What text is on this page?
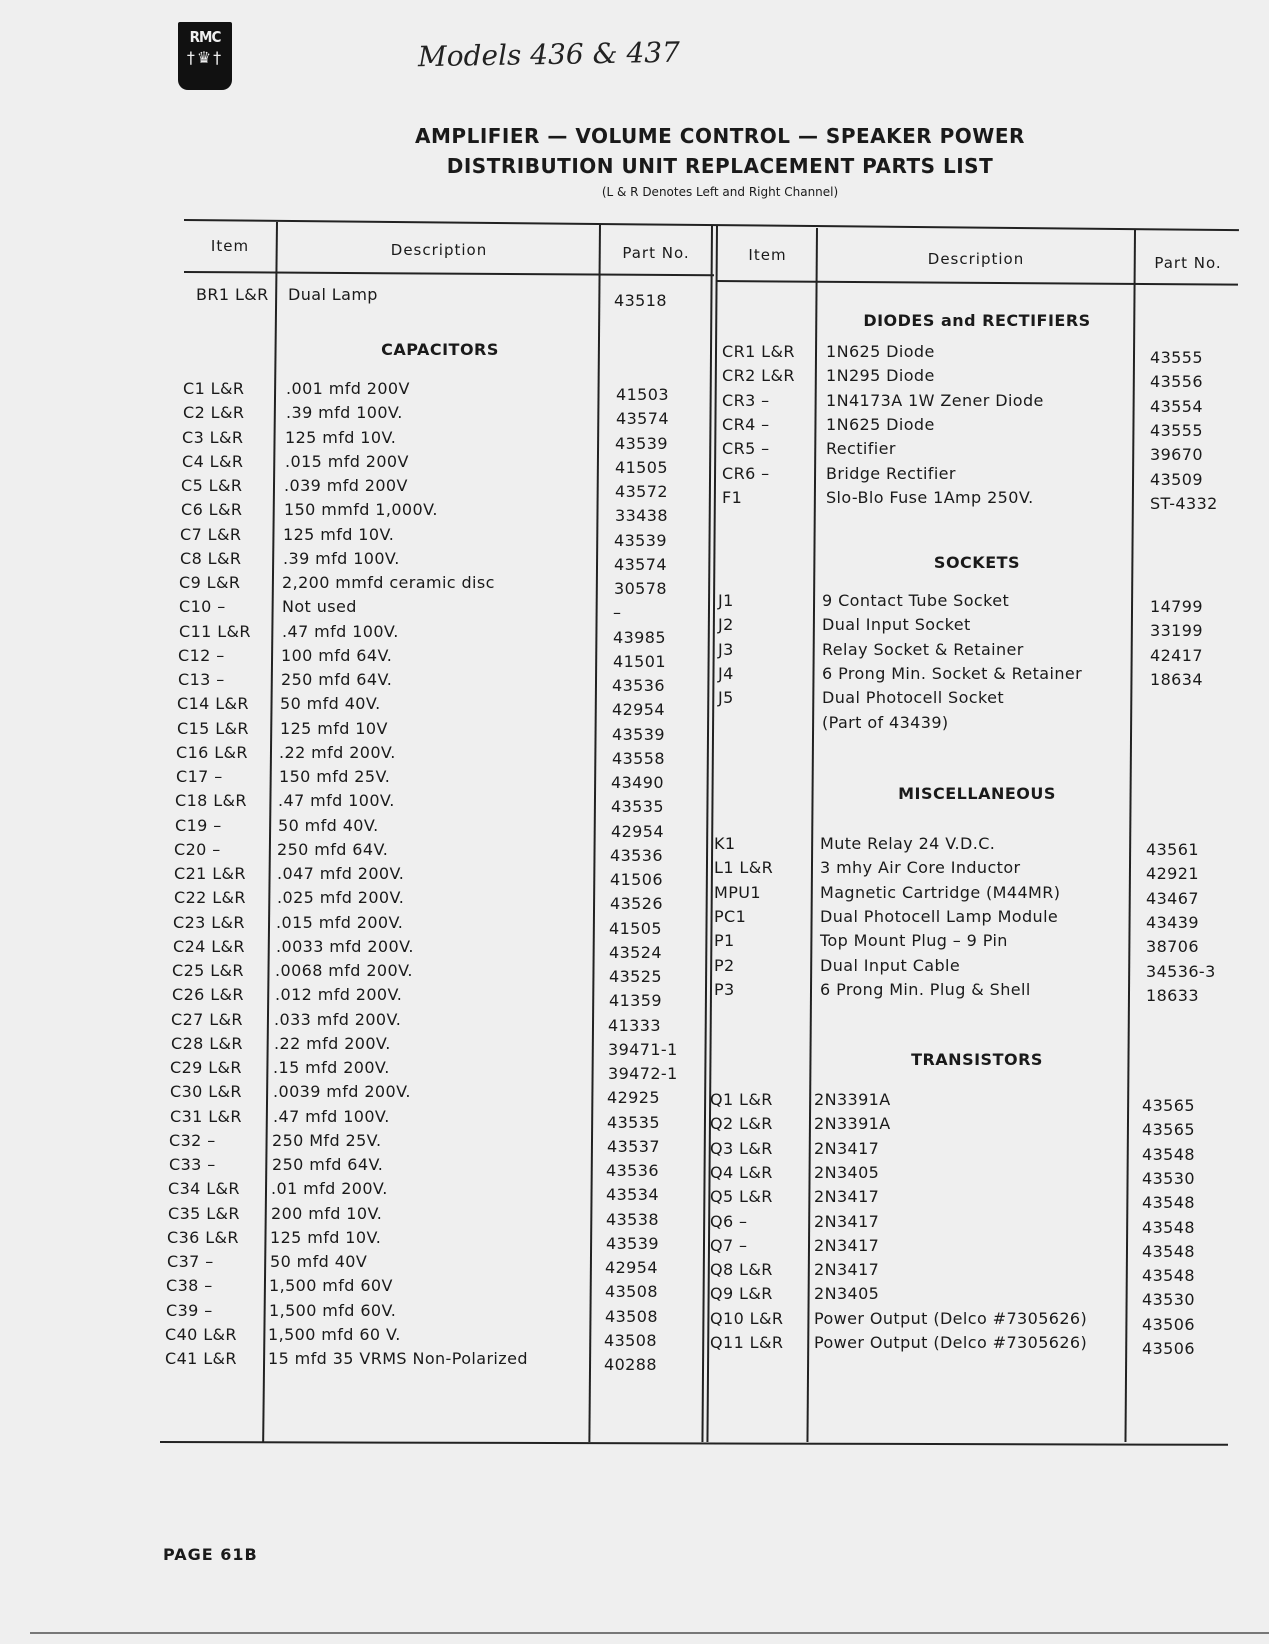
RMC
†♛†	Models 436 & 437
AMPLIFIER — VOLUME CONTROL — SPEAKER POWER
DISTRIBUTION UNIT REPLACEMENT PARTS LIST
(L & R Denotes Left and Right Channel)
Item	Description	Part No.	Item	Description	Part No.
BR1 L&R Dual Lamp	43518
C1 L&R	.001 mfd 200V	41503
C2 L&R	.39 mfd 100V.	43574
C3 L&R	125 mfd 10V.	43539
C4 L&R	.015 mfd 200V	41505
C5 L&R	.039 mfd 200V	43572
C6 L&R	150 mmfd 1,000V.	33438
C7 L&R	125 mfd 10V.	43539
C8 L&R	.39 mfd 100V.	43574
C9 L&R	2,200 mmfd ceramic disc	30578
C10 –	Not used	–
C11 L&R .47 mfd 100V.	43985
C12 –	100 mfd 64V.	41501
C13 –	250 mfd 64V.	43536
C14 L&R 50 mfd 40V.	42954
C15 L&R 125 mfd 10V	43539
C16 L&R .22 mfd 200V.	43558
C17 –	150 mfd 25V.	43490
C18 L&R .47 mfd 100V.	43535
C19 –	50 mfd 40V.	42954
C20 –	250 mfd 64V.	43536
C21 L&R .047 mfd 200V.	41506
C22 L&R .025 mfd 200V.	43526
C23 L&R .015 mfd 200V.	41505
C24 L&R .0033 mfd 200V.	43524
C25 L&R .0068 mfd 200V.	43525
C26 L&R .012 mfd 200V.	41359
C27 L&R .033 mfd 200V.	41333
C28 L&R .22 mfd 200V.	39471-1
C29 L&R .15 mfd 200V.	39472-1
C30 L&R .0039 mfd 200V.	42925
C31 L&R .47 mfd 100V.	43535
C32 –	250 Mfd 25V.	43537
C33 –	250 mfd 64V.	43536
C34 L&R .01 mfd 200V.	43534
C35 L&R 200 mfd 10V.	43538
C36 L&R 125 mfd 10V.	43539
C37 –	50 mfd 40V	42954
C38 –	1,500 mfd 60V	43508
C39 –	1,500 mfd 60V.	43508
C40 L&R 1,500 mfd 60 V.	43508
C41 L&R 15 mfd 35 VRMS Non-Polarized	40288
CAPACITORS	CR1 L&R 1N625 Diode	43555
CR2 L&R 1N295 Diode	43556
CR3 –	1N4173A 1W Zener Diode	43554
CR4 –	1N625 Diode	43555
CR5 –	Rectifier	39670
CR6 –	Bridge Rectifier	43509
F1	Slo-Blo Fuse 1Amp 250V.	ST-4332
J1	9 Contact Tube Socket	14799
J2	Dual Input Socket	33199
J3	Relay Socket & Retainer	42417
J4	6 Prong Min. Socket & Retainer	18634
J5	Dual Photocell Socket
(Part of 43439)
K1	Mute Relay 24 V.D.C.	43561
L1 L&R	3 mhy Air Core Inductor	42921
MPU1	Magnetic Cartridge (M44MR)	43467
PC1	Dual Photocell Lamp Module	43439
P1	Top Mount Plug – 9 Pin	38706
P2	Dual Input Cable	34536-3
P3	6 Prong Min. Plug & Shell	18633
Q1 L&R	2N3391A	43565
Q2 L&R	2N3391A	43565
Q3 L&R	2N3417	43548
Q4 L&R	2N3405	43530
Q5 L&R	2N3417	43548
Q6 –	2N3417	43548
Q7 –	2N3417	43548
Q8 L&R	2N3417	43548
Q9 L&R	2N3405	43530
Q10 L&R Power Output (Delco #7305626)	43506
Q11 L&R Power Output (Delco #7305626)	43506
DIODES and RECTIFIERS
SOCKETS
MISCELLANEOUS
TRANSISTORS
PAGE 61B
